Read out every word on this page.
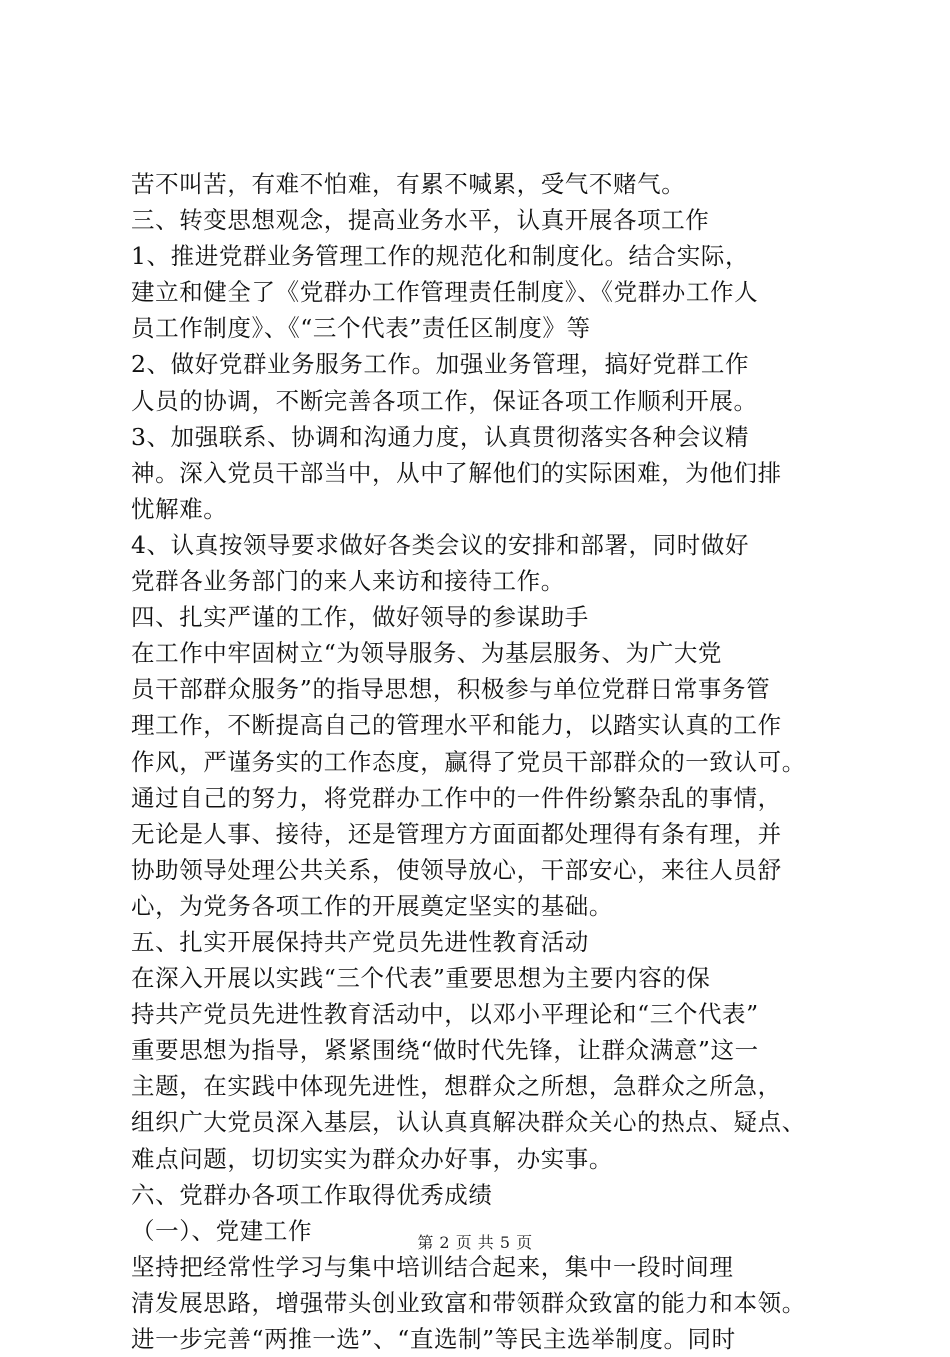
苦不叫苦，有难不怕难，有累不喊累，受气不赌气。
三、转变思想观念，提高业务水平，认真开展各项工作
1、推进党群业务管理工作的规范化和制度化。结合实际，
建立和健全了《党群办工作管理责任制度》、《党群办工作人
员工作制度》、《“三个代表”责任区制度》等
2、做好党群业务服务工作。加强业务管理，搞好党群工作
人员的协调，不断完善各项工作，保证各项工作顺利开展。
3、加强联系、协调和沟通力度，认真贯彻落实各种会议精
神。深入党员干部当中，从中了解他们的实际困难，为他们排
忧解难。
4、认真按领导要求做好各类会议的安排和部署，同时做好
党群各业务部门的来人来访和接待工作。
四、扎实严谨的工作，做好领导的参谋助手
在工作中牢固树立“为领导服务、为基层服务、为广大党
员干部群众服务”的指导思想，积极参与单位党群日常事务管
理工作，不断提高自己的管理水平和能力，以踏实认真的工作
作风，严谨务实的工作态度，赢得了党员干部群众的一致认可。
通过自己的努力，将党群办工作中的一件件纷繁杂乱的事情，
无论是人事、接待，还是管理方方面面都处理得有条有理，并
协助领导处理公共关系，使领导放心，干部安心，来往人员舒
心，为党务各项工作的开展奠定坚实的基础。
五、扎实开展保持共产党员先进性教育活动
在深入开展以实践“三个代表”重要思想为主要内容的保
持共产党员先进性教育活动中，以邓小平理论和“三个代表”
重要思想为指导，紧紧围绕“做时代先锋，让群众满意”这一
主题，在实践中体现先进性，想群众之所想，急群众之所急，
组织广大党员深入基层，认认真真解决群众关心的热点、疑点、
难点问题，切切实实为群众办好事，办实事。
六、党群办各项工作取得优秀成绩
（一）、党建工作
坚持把经常性学习与集中培训结合起来，集中一段时间理
清发展思路，增强带头创业致富和带领群众致富的能力和本领。
进一步完善“两推一选”、“直选制”等民主选举制度。同时
第 2 页 共 5 页
